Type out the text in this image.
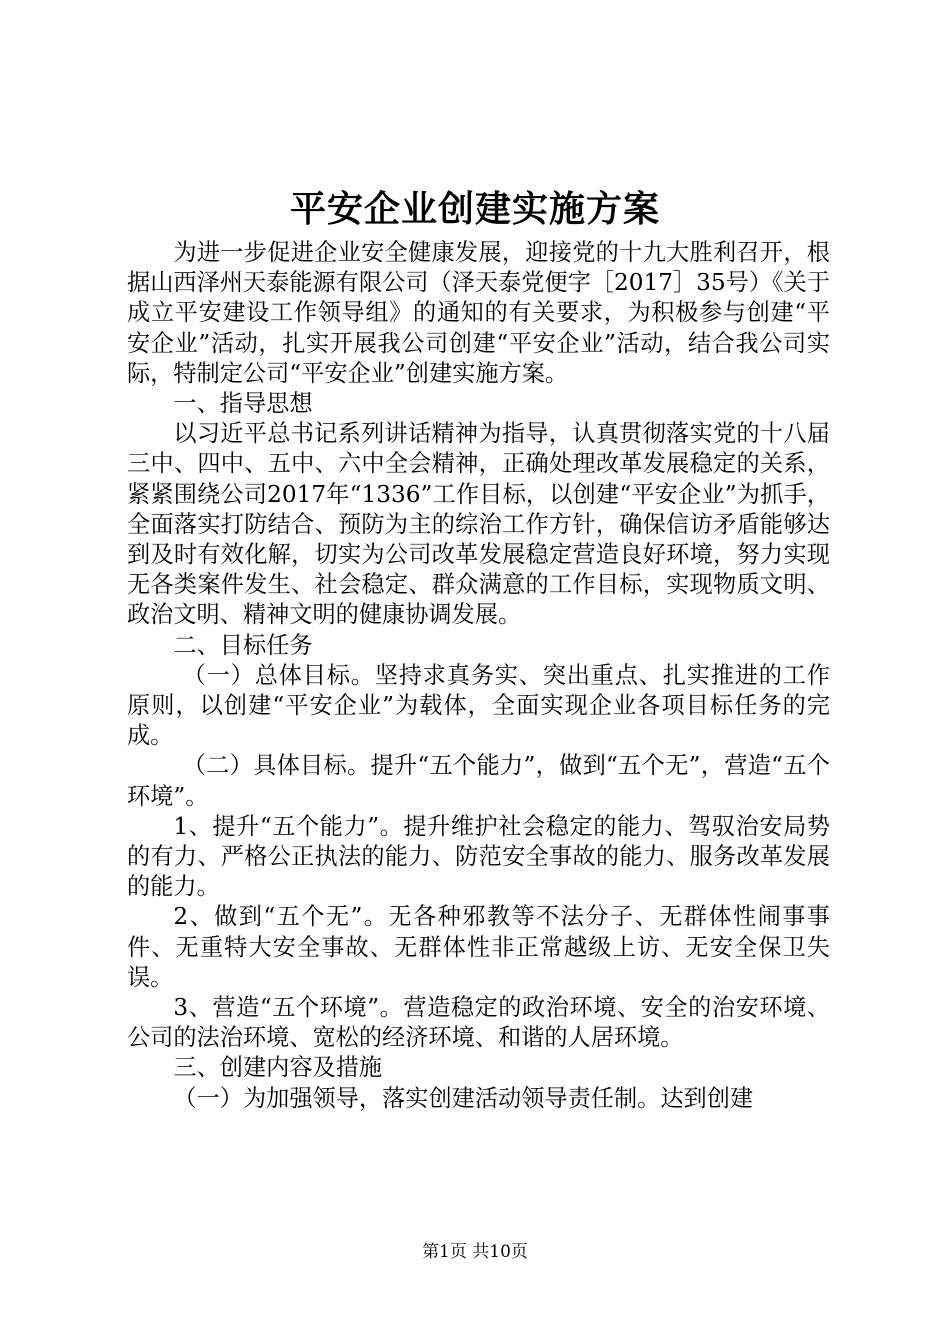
平安企业创建实施方案

为进一步促进企业安全健康发展，迎接党的十九大胜利召开，根据山西泽州天泰能源有限公司（泽天泰党便字［2017］35号）《关于成立平安建设工作领导组》的通知的有关要求，为积极参与创建“平安企业”活动，扎实开展我公司创建“平安企业”活动，结合我公司实际，特制定公司“平安企业”创建实施方案。

一、指导思想

以习近平总书记系列讲话精神为指导，认真贯彻落实党的十八届三中、四中、五中、六中全会精神，正确处理改革发展稳定的关系，紧紧围绕公司2017年“1336”工作目标，以创建“平安企业”为抓手，全面落实打防结合、预防为主的综治工作方针，确保信访矛盾能够达到及时有效化解，切实为公司改革发展稳定营造良好环境，努力实现无各类案件发生、社会稳定、群众满意的工作目标，实现物质文明、政治文明、精神文明的健康协调发展。

二、目标任务

（一）总体目标。坚持求真务实、突出重点、扎实推进的工作原则，以创建“平安企业”为载体，全面实现企业各项目标任务的完成。

（二）具体目标。提升“五个能力”，做到“五个无”，营造“五个环境”。

1、提升“五个能力”。提升维护社会稳定的能力、驾驭治安局势的有力、严格公正执法的能力、防范安全事故的能力、服务改革发展的能力。

2、做到“五个无”。无各种邪教等不法分子、无群体性闹事事件、无重特大安全事故、无群体性非正常越级上访、无安全保卫失误。

3、营造“五个环境”。营造稳定的政治环境、安全的治安环境、公司的法治环境、宽松的经济环境、和谐的人居环境。

三、创建内容及措施

（一）为加强领导，落实创建活动领导责任制。达到创建

第1页 共10页
